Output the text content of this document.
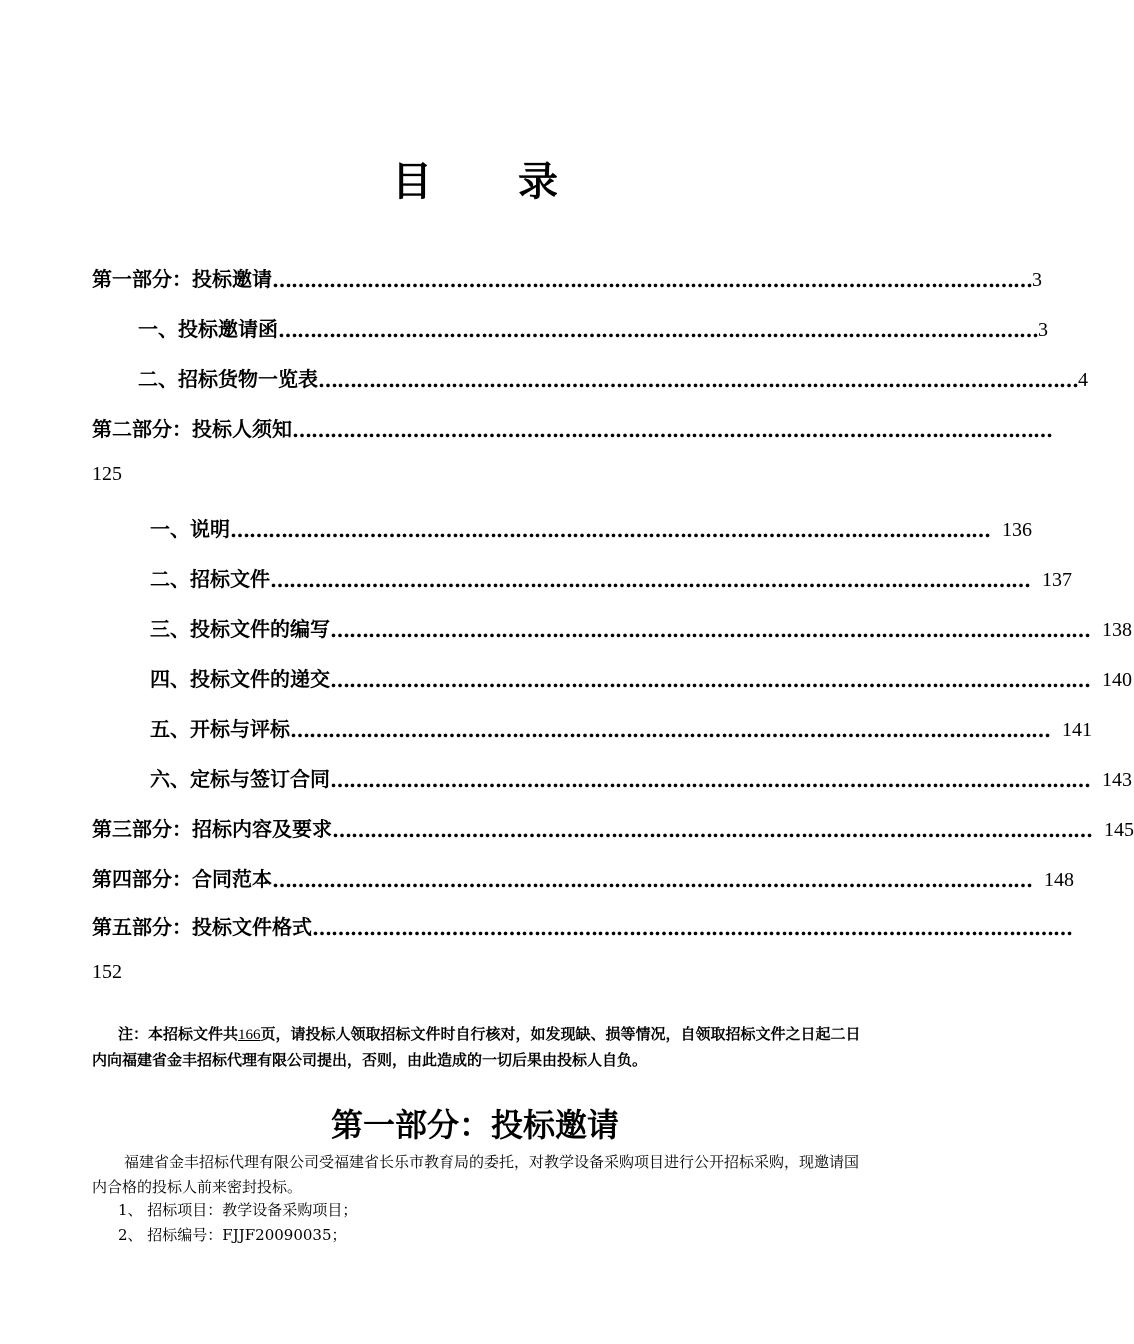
目 录
第一部分：投标邀请 ………………………………………………………………………………………………………… 3
一、 投标邀请函 ………………………………………………………………………………………………………… 3
二、 招标货物一览表 ………………………………………………………………………………………………………… 4
第二部分：投标人须知 …………………………………………………………………………………………………………
125
一、 说明 ………………………………………………………………………………………………………… 136
二、 招标文件 ………………………………………………………………………………………………………… 137
三、 投标文件的编写 ………………………………………………………………………………………………………… 138
四、 投标文件的递交 ………………………………………………………………………………………………………… 140
五、 开标与评标 ………………………………………………………………………………………………………… 141
六、 定标与签订合同 ………………………………………………………………………………………………………… 143
第三部分：招标内容及要求 ………………………………………………………………………………………………………… 145
第四部分：合同范本 ………………………………………………………………………………………………………… 148
第五部分：投标文件格式 …………………………………………………………………………………………………………
152
注：本招标文件共166页，请投标人领取招标文件时自行核对，如发现缺、损等情况，自领取招标文件之日起二日内向福建省金丰招标代理有限公司提出，否则，由此造成的一切后果由投标人自负。
第一部分：投标邀请
福建省金丰招标代理有限公司受福建省长乐市教育局的委托，对教学设备采购项目进行公开招标采购，现邀请国内合格的投标人前来密封投标。
1、 招标项目：教学设备采购项目；
2、 招标编号：FJJF20090035；
